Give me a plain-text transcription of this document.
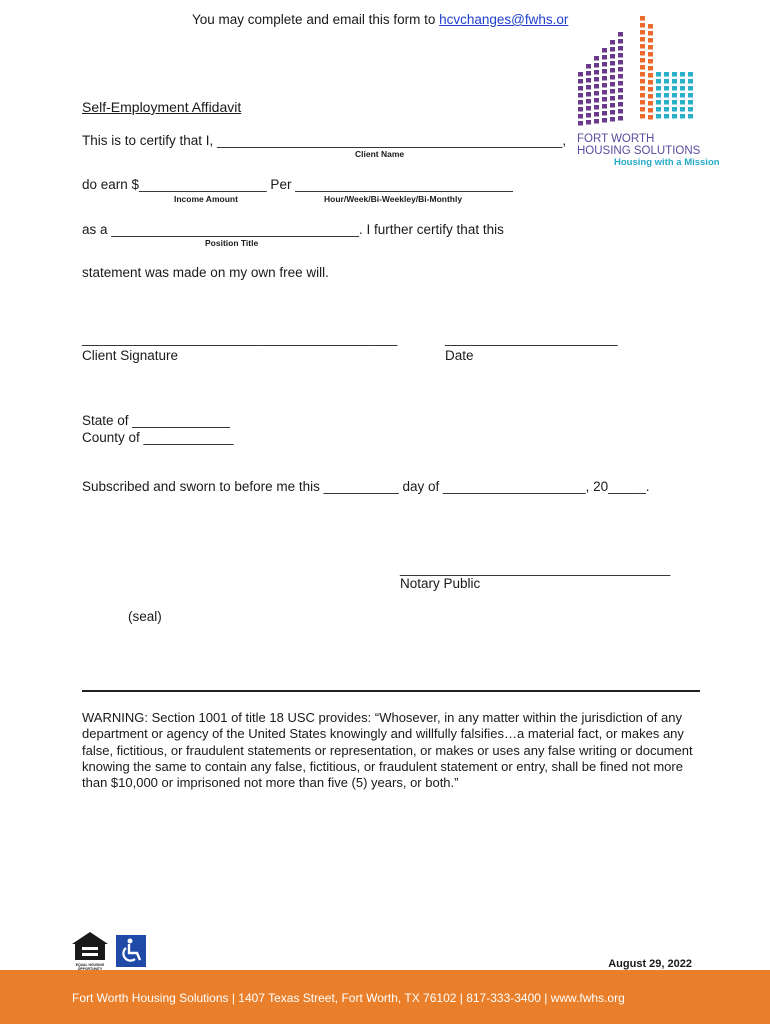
You may complete and email this form to hcvchanges@fwhs.or
FORT WORTH
HOUSING SOLUTIONS
Housing with a Mission
Self-Employment Affidavit
This is to certify that I, ______________________________________________,
Client Name
do earn $_________________ Per _____________________________
Income Amount	Hour/Week/Bi-Weekley/Bi-Monthly
as a _________________________________. I further certify that this
Position Title
statement was made on my own free will.
__________________________________________
Client Signature
_______________________
Date
State of _____________
County of ____________
Subscribed and sworn to before me this __________ day of ___________________, 20_____.
____________________________________
Notary Public
(seal)
WARNING: Section 1001 of title 18 USC provides: “Whosever, in any matter within the jurisdiction of any department or agency of the United States knowingly and willfully falsifies…a material fact, or makes any false, fictitious, or fraudulent statements or representation, or makes or uses any false writing or document knowing the same to contain any false, fictitious, or fraudulent statement or entry, shall be fined not more than $10,000 or imprisoned not more than five (5) years, or both.”
EQUAL HOUSING
OPPORTUNITY	August 29, 2022
Fort Worth Housing Solutions | 1407 Texas Street, Fort Worth, TX 76102 | 817-333-3400 | www.fwhs.org
